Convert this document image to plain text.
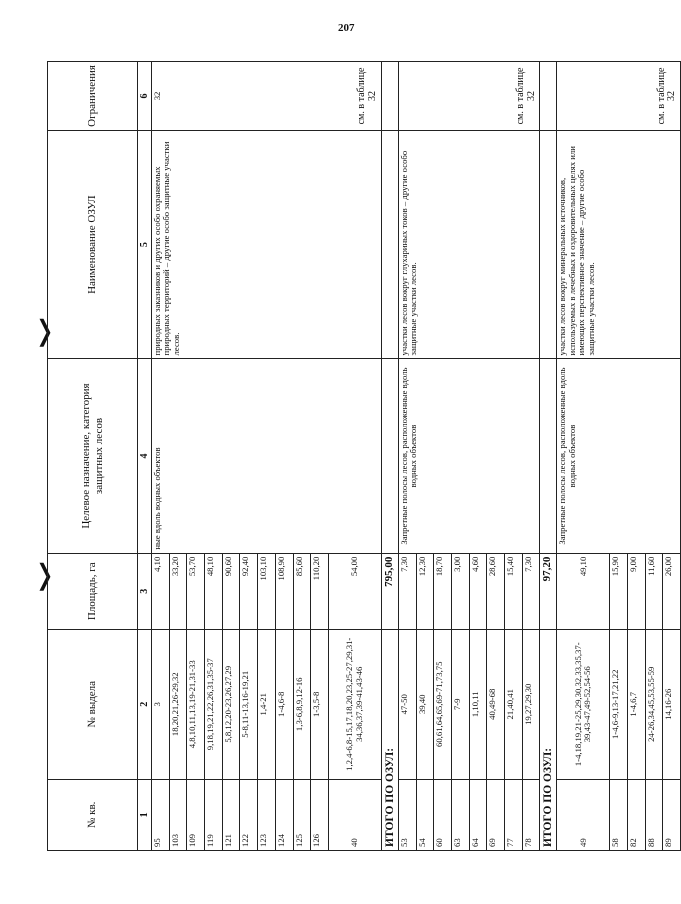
207
❭
❭
№ кв.	№ выдела	Площадь, га	Целевое назначение, категория защитных лесов	Наименование ОЗУЛ	Ограничения
1	2	3	4	5	6
95	3	4,10	ные вдоль водных объектов	природных заказников и других особо охраняемых природных территорий – другие особо защитные участки лесов.	32 см. в таблице 32

103	18,20,21,26-29,32	33,20			
109	4,8,10,11,13,19-21,31-33	53,70			
119	9,18,19,21,22,26,31,35-37	48,10			
121	5,8,12,20-23,26,27,29	90,60			
122	5-8,11-13,16-19,21	92,40			
123	1,4-21	103,10			
124	1-4,6-8	108,90			
125	1,3-6,8,9,12-16	85,60			
126	1-3,5-8	110,20			
40	1,2,4-6,8-15,17,18,20,23,25-27,29,31-34,36,37,39-41,43-46	54,00			
ИТОГО ПО ОЗУЛ:		795,00			
53	47-50	7,30	Запретные полосы лесов, расположенные вдоль водных объектов	участки лесов вокруг глухариных токов – другие особо защитные участки лесов.	см. в таблице 32

54	39,40	12,30			
60	60,61,64,65,69-71,73,75	18,70			
63	7-9	3,00			
64	1,10,11	4,60			
69	40,49-68	28,60			
77	21,40,41	15,40			
78	19,27,29,30	7,30			
ИТОГО ПО ОЗУЛ:		97,20			
49	1-4,18,19,21-25,29,30,32,33,35,37-39,43-47,49-52,54-56	49,10	Запретные полосы лесов, расположенные вдоль водных объектов	участки лесов вокруг минеральных источников, используемых в лечебных и оздоровительных целях или имеющих перспективное значение – другие особо защитные участки лесов.	см. в таблице 32

58	1-4,6-9,13-17,21,22	15,90			
82	1-4,6,7	9,00			
88	24-26,34,45,53,55-59	11,60			
89	14,16-26	26,00			
